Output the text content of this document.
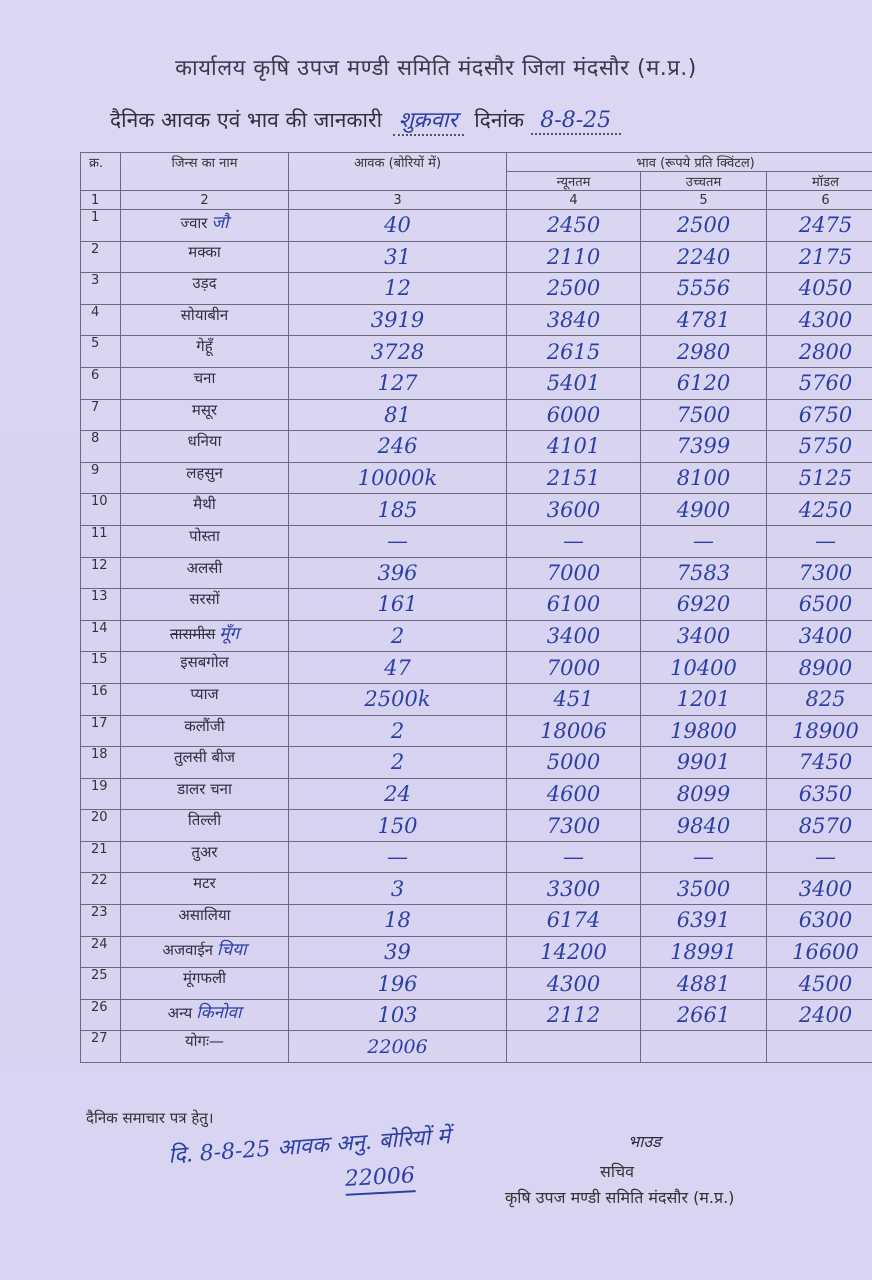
कार्यालय कृषि उपज मण्डी समिति मंदसौर जिला मंदसौर (म.प्र.)
दैनिक आवक एवं भाव की जानकारी शुक्रवार दिनांक 8-8-25
क्र.	जिन्स का नाम	आवक (बोरियों में)	भाव (रूपये प्रति क्विंटल)		
			न्यूनतम	उच्चतम	मॉडल
1	2	3	4	5	6
1	ज्वार जौ	40	2450	2500	2475
2	मक्का	31	2110	2240	2175
3	उड़द	12	2500	5556	4050
4	सोयाबीन	3919	3840	4781	4300
5	गेहूँ	3728	2615	2980	2800
6	चना	127	5401	6120	5760
7	मसूर	81	6000	7500	6750
8	धनिया	246	4101	7399	5750
9	लहसुन	10000k	2151	8100	5125
10	मैथी	185	3600	4900	4250
11	पोस्ता	—	—	—	—
12	अलसी	396	7000	7583	7300
13	सरसों	161	6100	6920	6500
14	तारामीरा मूँग	2	3400	3400	3400
15	इसबगोल	47	7000	10400	8900
16	प्याज	2500k	451	1201	825
17	कलौंजी	2	18006	19800	18900
18	तुलसी बीज	2	5000	9901	7450
19	डालर चना	24	4600	8099	6350
20	तिल्ली	150	7300	9840	8570
21	तुअर	—	—	—	—
22	मटर	3	3300	3500	3400
23	असालिया	18	6174	6391	6300
24	अजवाईन चिया	39	14200	18991	16600
25	मूंगफली	196	4300	4881	4500
26	अन्य किनोवा	103	2112	2661	2400
27	योगः—	22006			
दैनिक समाचार पत्र हेतु।
दि. 8-8-25 आवक अनु. बोरियों में
22006
भाउड
सचिव
कृषि उपज मण्डी समिति मंदसौर (म.प्र.)
